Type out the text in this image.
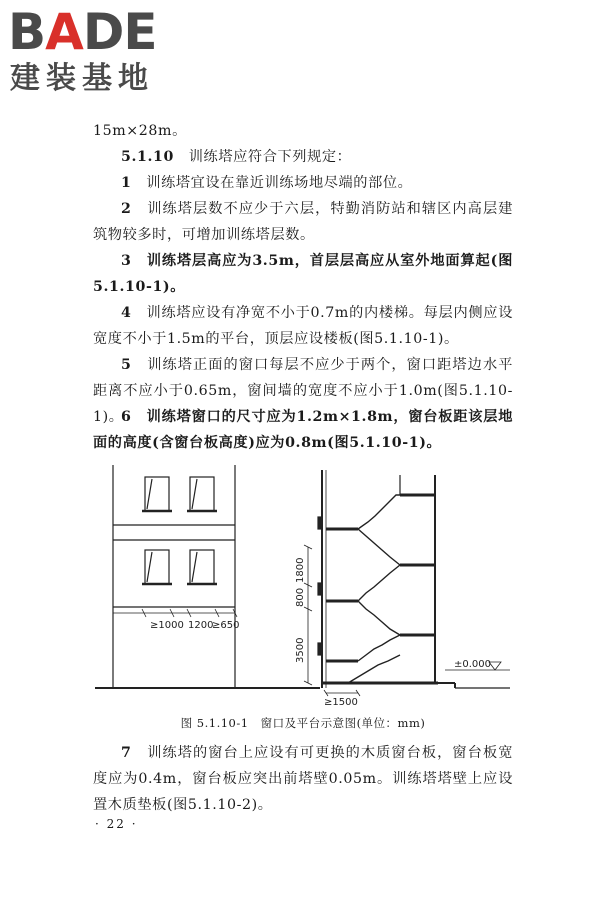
BADE
建装基地

15m×28m。

5.1.10　 训练塔应符合下列规定：

1　 训练塔宜设在靠近训练场地尽端的部位。

2　 训练塔层数不应少于六层，特勤消防站和辖区内高层建筑物较多时，可增加训练塔层数。

3　 训练塔层高应为3.5m，首层层高应从室外地面算起(图5.1.10-1)。

4　 训练塔应设有净宽不小于0.7m的内楼梯。每层内侧应设宽度不小于1.5m的平台，顶层应设楼板(图5.1.10-1)。

5　 训练塔正面的窗口每层不应少于两个，窗口距塔边水平距离不应小于0.65m，窗间墙的宽度不应小于1.0m(图5.1.10-1)。

6　 训练塔窗口的尺寸应为1.2m×1.8m，窗台板距该层地面的高度(含窗台板高度)应为0.8m(图5.1.10-1)。

≥1000 1200
≥650
1800
800
3500
±0.000
≥1500
图 5.1.10-1　窗口及平台示意图(单位：mm)

7　 训练塔的窗台上应设有可更换的木质窗台板，窗台板宽度应为0.4m，窗台板应突出前塔壁0.05m。训练塔塔壁上应设置木质垫板(图5.1.10-2)。

· 22 ·
